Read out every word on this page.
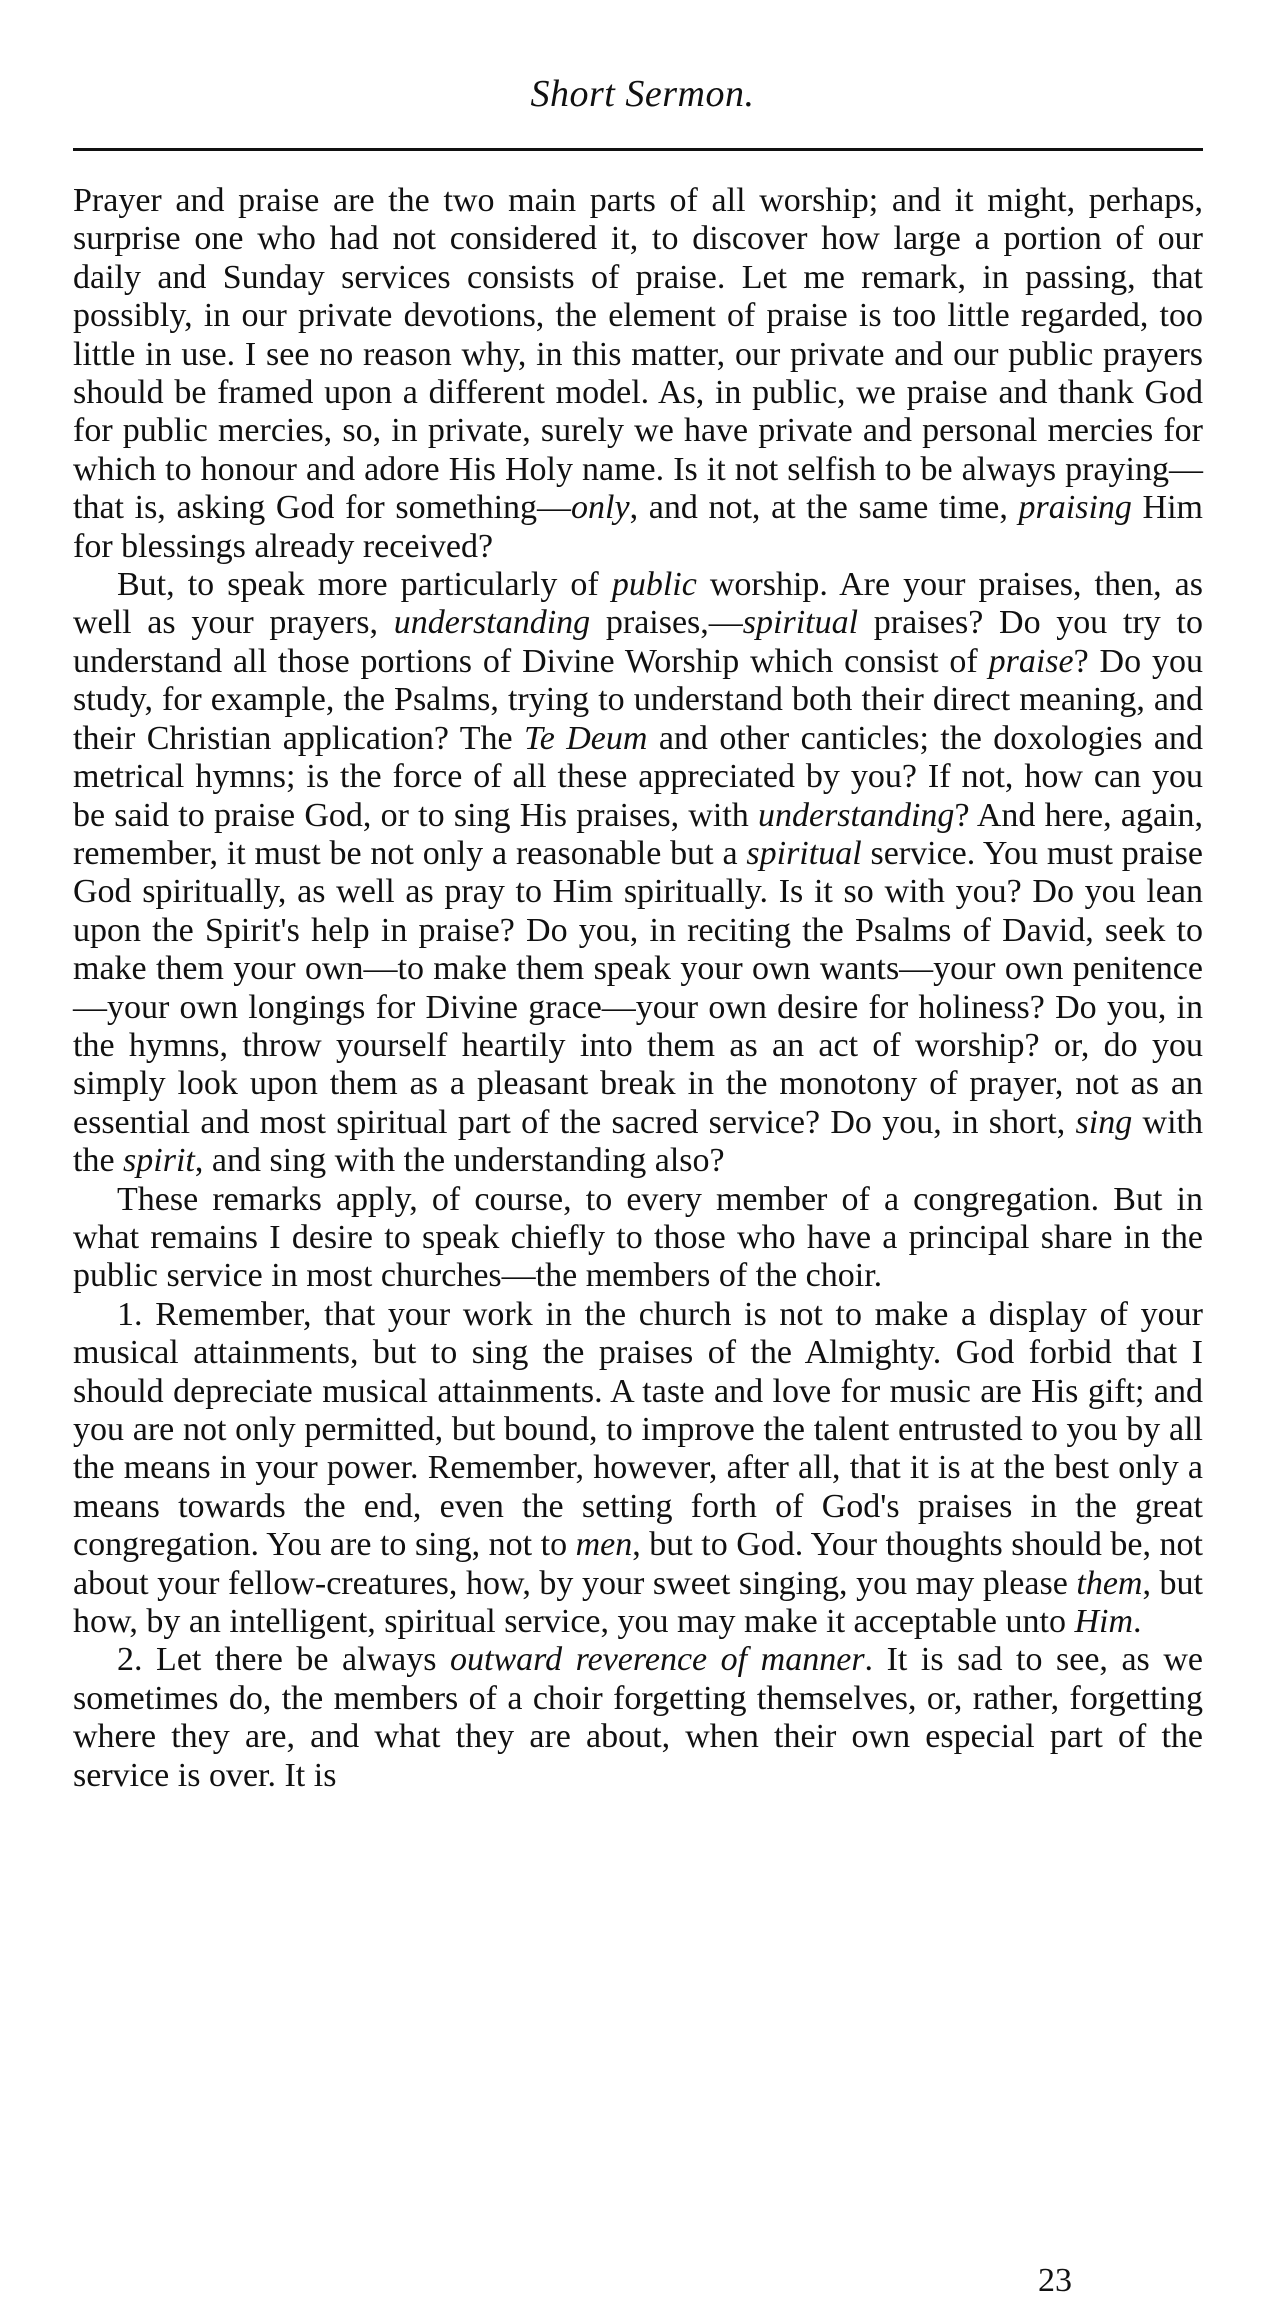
Short Sermon.

Prayer and praise are the two main parts of all worship; and it might, perhaps, surprise one who had not considered it, to discover how large a portion of our daily and Sunday services consists of praise. Let me remark, in passing, that possibly, in our private devotions, the element of praise is too little regarded, too little in use. I see no reason why, in this matter, our private and our public prayers should be framed upon a different model. As, in public, we praise and thank God for public mercies, so, in private, surely we have private and personal mercies for which to honour and adore His Holy name. Is it not selfish to be always praying—that is, asking God for something—only, and not, at the same time, praising Him for blessings already received?

But, to speak more particularly of public worship. Are your praises, then, as well as your prayers, understanding praises,—spiritual praises? Do you try to understand all those portions of Divine Worship which consist of praise? Do you study, for example, the Psalms, trying to understand both their direct meaning, and their Christian application? The Te Deum and other canticles; the doxologies and metrical hymns; is the force of all these appreciated by you? If not, how can you be said to praise God, or to sing His praises, with understanding? And here, again, remember, it must be not only a reasonable but a spiritual service. You must praise God spiritually, as well as pray to Him spiritually. Is it so with you? Do you lean upon the Spirit's help in praise? Do you, in reciting the Psalms of David, seek to make them your own—to make them speak your own wants—your own penitence—your own longings for Divine grace—your own desire for holiness? Do you, in the hymns, throw yourself heartily into them as an act of worship? or, do you simply look upon them as a pleasant break in the monotony of prayer, not as an essential and most spiritual part of the sacred service? Do you, in short, sing with the spirit, and sing with the understanding also?

These remarks apply, of course, to every member of a congregation. But in what remains I desire to speak chiefly to those who have a principal share in the public service in most churches—the members of the choir.

1. Remember, that your work in the church is not to make a display of your musical attainments, but to sing the praises of the Almighty. God forbid that I should depreciate musical attainments. A taste and love for music are His gift; and you are not only permitted, but bound, to improve the talent entrusted to you by all the means in your power. Remember, however, after all, that it is at the best only a means towards the end, even the setting forth of God's praises in the great congregation. You are to sing, not to men, but to God. Your thoughts should be, not about your fellow-creatures, how, by your sweet singing, you may please them, but how, by an intelligent, spiritual service, you may make it acceptable unto Him.

2. Let there be always outward reverence of manner. It is sad to see, as we sometimes do, the members of a choir forgetting themselves, or, rather, forgetting where they are, and what they are about, when their own especial part of the service is over. It is

23
